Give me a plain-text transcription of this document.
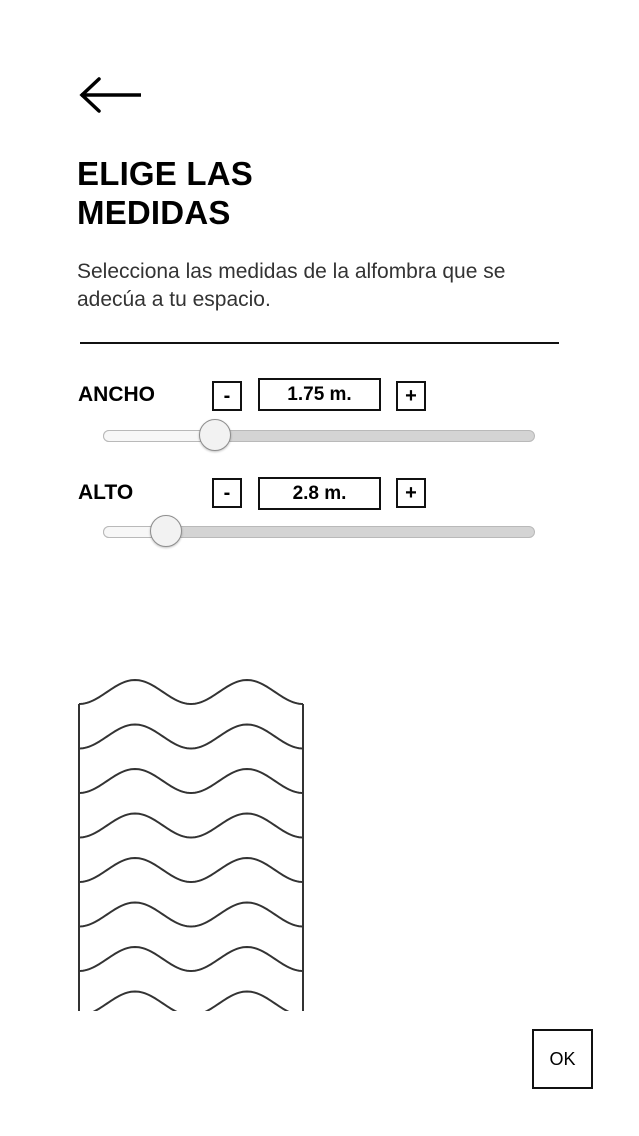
ELIGE LAS
MEDIDAS

Selecciona las medidas de la alfombra que se adecúa a tu espacio.

ANCHO	-	1.75 m.	+
ALTO	-	2.8 m.	+
OK
